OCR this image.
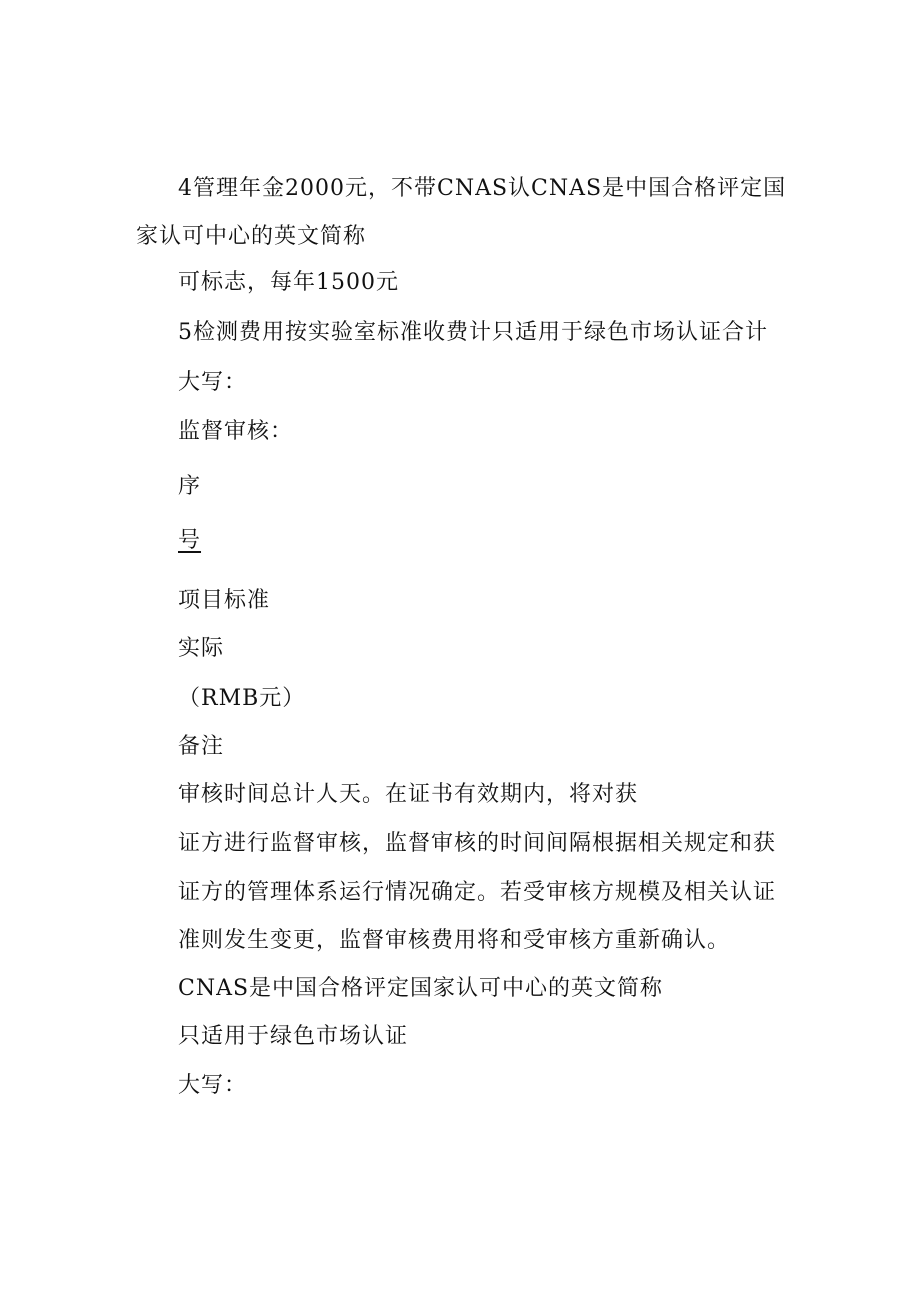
4管理年金2000元，不带CNAS认CNAS是中国合格评定国
家认可中心的英文简称
可标志，每年1500元
5检测费用按实验室标准收费计只适用于绿色市场认证合计
大写：
监督审核：
序
号
项目标准
实际
（RMB元）
备注
审核时间总计人天。在证书有效期内，将对获
证方进行监督审核，监督审核的时间间隔根据相关规定和获
证方的管理体系运行情况确定。若受审核方规模及相关认证
准则发生变更，监督审核费用将和受审核方重新确认。
CNAS是中国合格评定国家认可中心的英文简称
只适用于绿色市场认证
大写：
